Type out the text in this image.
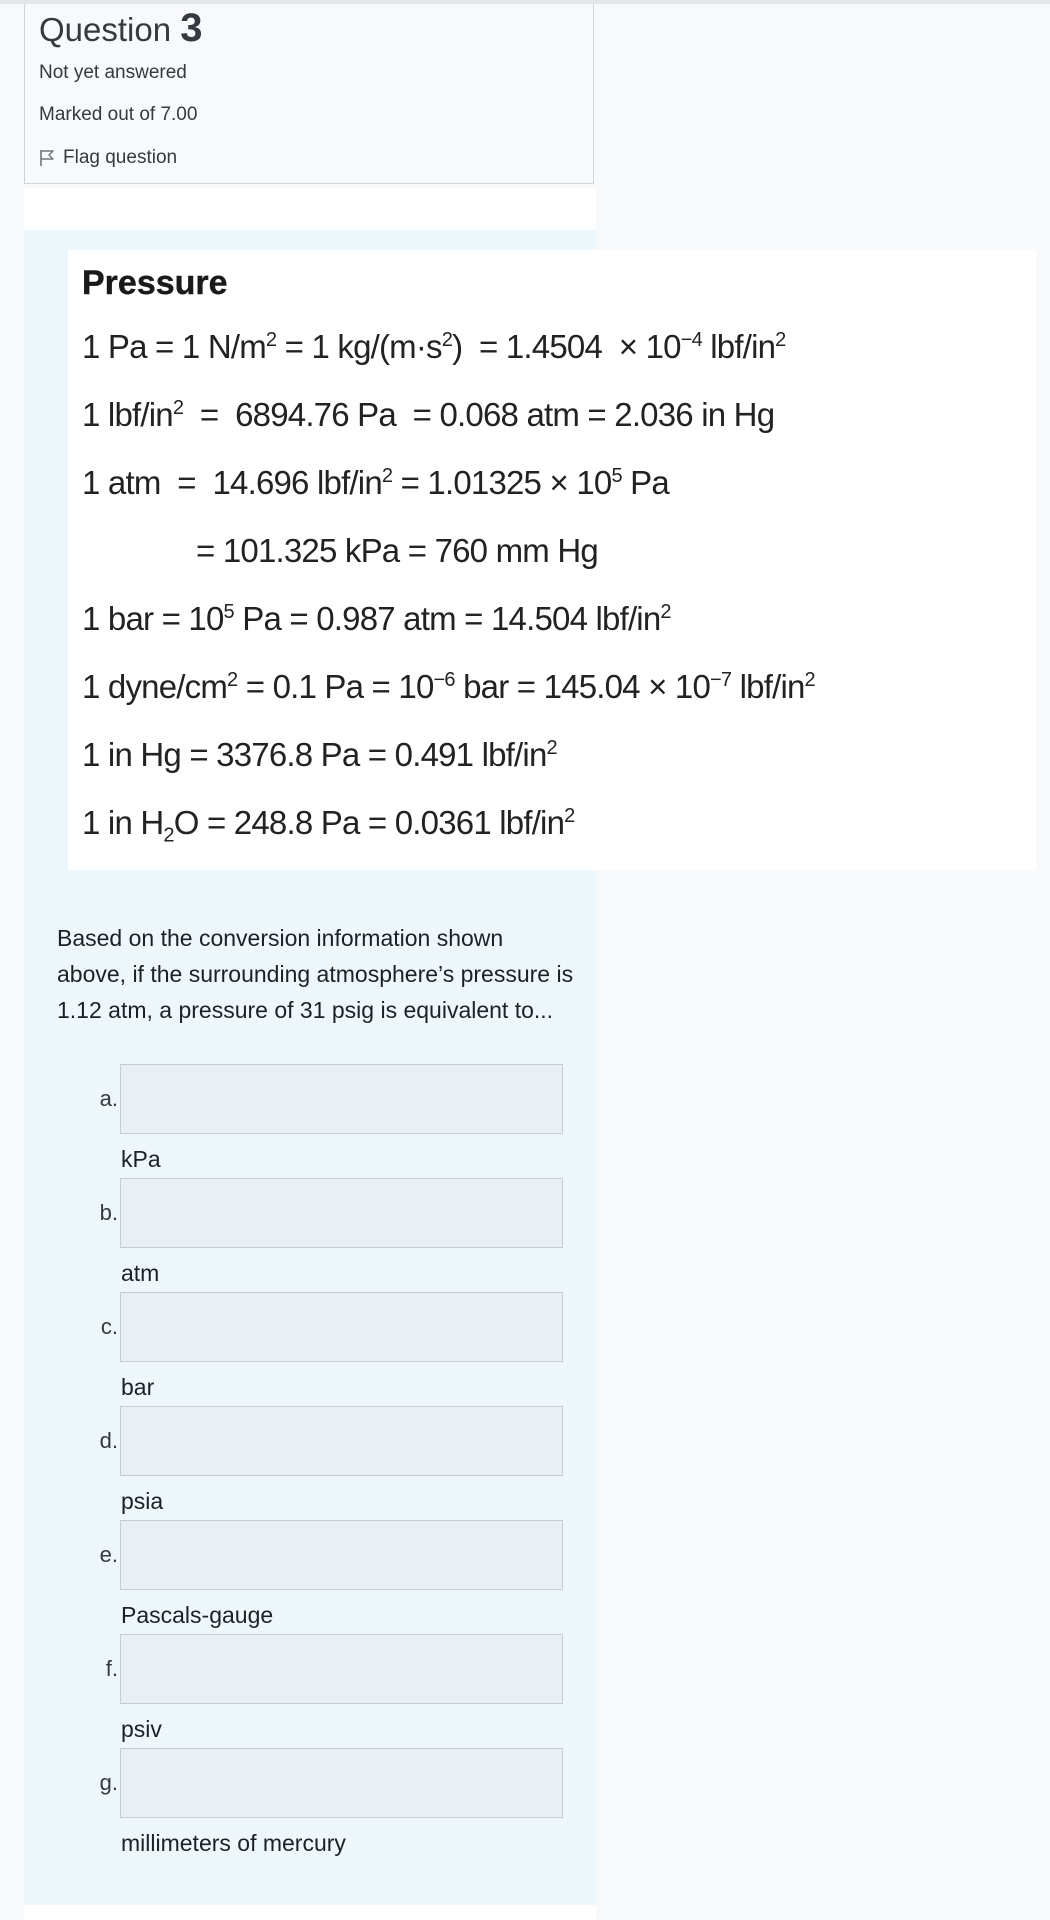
Question 3
Not yet answered
Marked out of 7.00
Flag question
Pressure
1 Pa = 1 $N/m^2 = 1$ $kg/(m\cdot s^2) = 1.4504 \times 10^{-4}$ lbf/$in^2$
1 lbf/$in^2 = 6894.76$ Pa  = 0.068 atm = 2.036 in Hg
1 atm  =  14.696 lbf/$in^2 = 1.01325 \times 10^5$ Pa
= 101.325 kPa = 760 mm Hg
1 bar = $10^5$ Pa = 0.987 atm = 14.504 lbf/$in^2$
1 dyne/$cm^2 = 0.1$ $Pa = 10^{-6}$ bar = $145.04 \times 10^{-7}$ lbf/$in^2$
1 in Hg = 3376.8 Pa = 0.491 lbf/$in^2$
1 in $H_2O = 248.8$ Pa = 0.0361 lbf/$in^2$
Based on the conversion information shown above, if the surrounding atmosphere’s pressure is 1.12 atm, a pressure of 31 psig is equivalent to...
a.
kPa
b.
atm
c.
bar
d.
psia
e.
Pascals-gauge
f.
psiv
g.
millimeters of mercury
